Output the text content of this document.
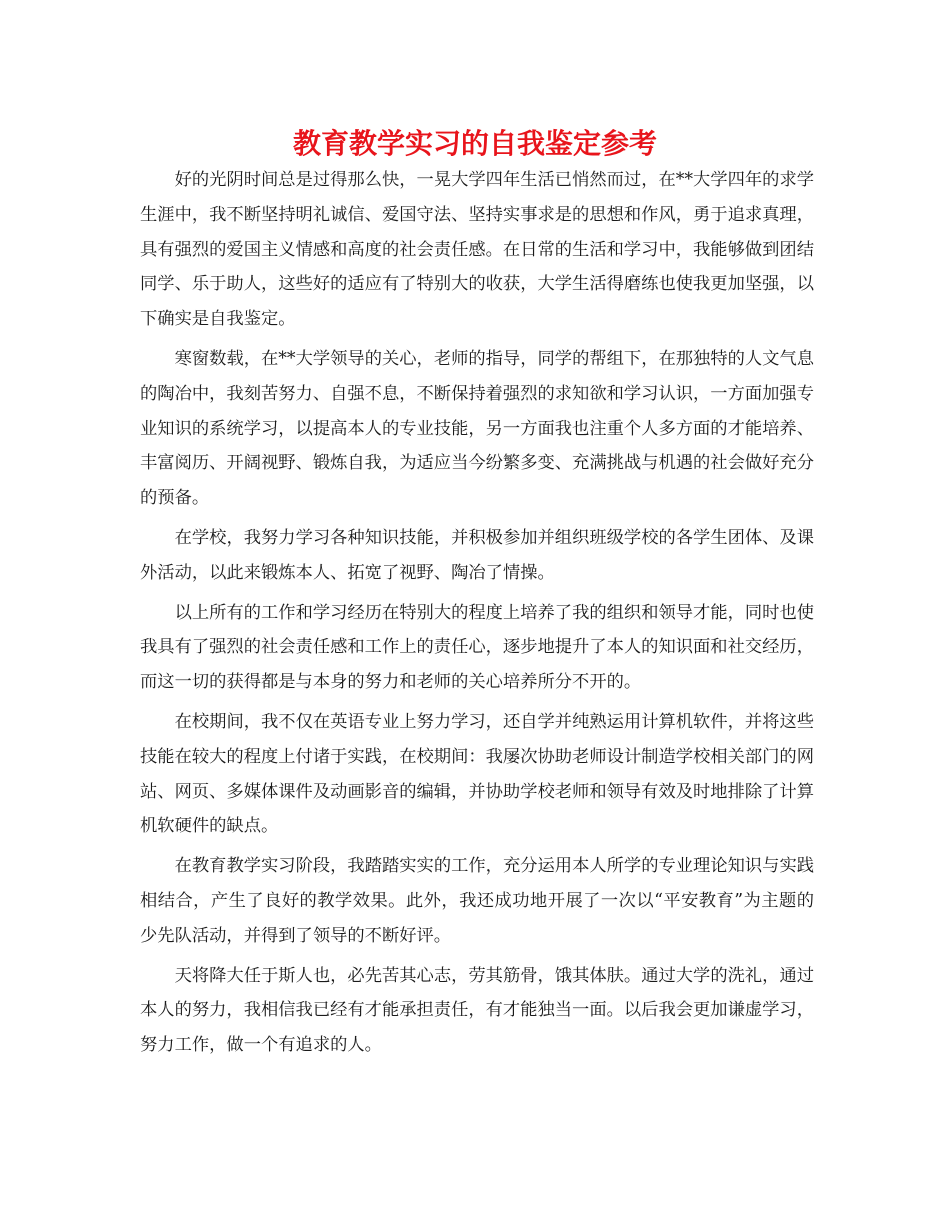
教育教学实习的自我鉴定参考

好的光阴时间总是过得那么快，一晃大学四年生活已悄然而过，在**大学四年的求学生涯中，我不断坚持明礼诚信、爱国守法、坚持实事求是的思想和作风，勇于追求真理，具有强烈的爱国主义情感和高度的社会责任感。在日常的生活和学习中，我能够做到团结同学、乐于助人，这些好的适应有了特别大的收获，大学生活得磨练也使我更加坚强，以下确实是自我鉴定。

寒窗数载，在**大学领导的关心，老师的指导，同学的帮组下，在那独特的人文气息的陶冶中，我刻苦努力、自强不息，不断保持着强烈的求知欲和学习认识，一方面加强专业知识的系统学习，以提高本人的专业技能，另一方面我也注重个人多方面的才能培养、丰富阅历、开阔视野、锻炼自我，为适应当今纷繁多变、充满挑战与机遇的社会做好充分的预备。

在学校，我努力学习各种知识技能，并积极参加并组织班级学校的各学生团体、及课外活动，以此来锻炼本人、拓宽了视野、陶冶了情操。

以上所有的工作和学习经历在特别大的程度上培养了我的组织和领导才能，同时也使我具有了强烈的社会责任感和工作上的责任心，逐步地提升了本人的知识面和社交经历，而这一切的获得都是与本身的努力和老师的关心培养所分不开的。

在校期间，我不仅在英语专业上努力学习，还自学并纯熟运用计算机软件，并将这些技能在较大的程度上付诸于实践，在校期间：我屡次协助老师设计制造学校相关部门的网站、网页、多媒体课件及动画影音的编辑，并协助学校老师和领导有效及时地排除了计算机软硬件的缺点。

在教育教学实习阶段，我踏踏实实的工作，充分运用本人所学的专业理论知识与实践相结合，产生了良好的教学效果。此外，我还成功地开展了一次以“平安教育”为主题的少先队活动，并得到了领导的不断好评。

天将降大任于斯人也，必先苦其心志，劳其筋骨，饿其体肤。通过大学的洗礼，通过本人的努力，我相信我已经有才能承担责任，有才能独当一面。以后我会更加谦虚学习，努力工作，做一个有追求的人。
